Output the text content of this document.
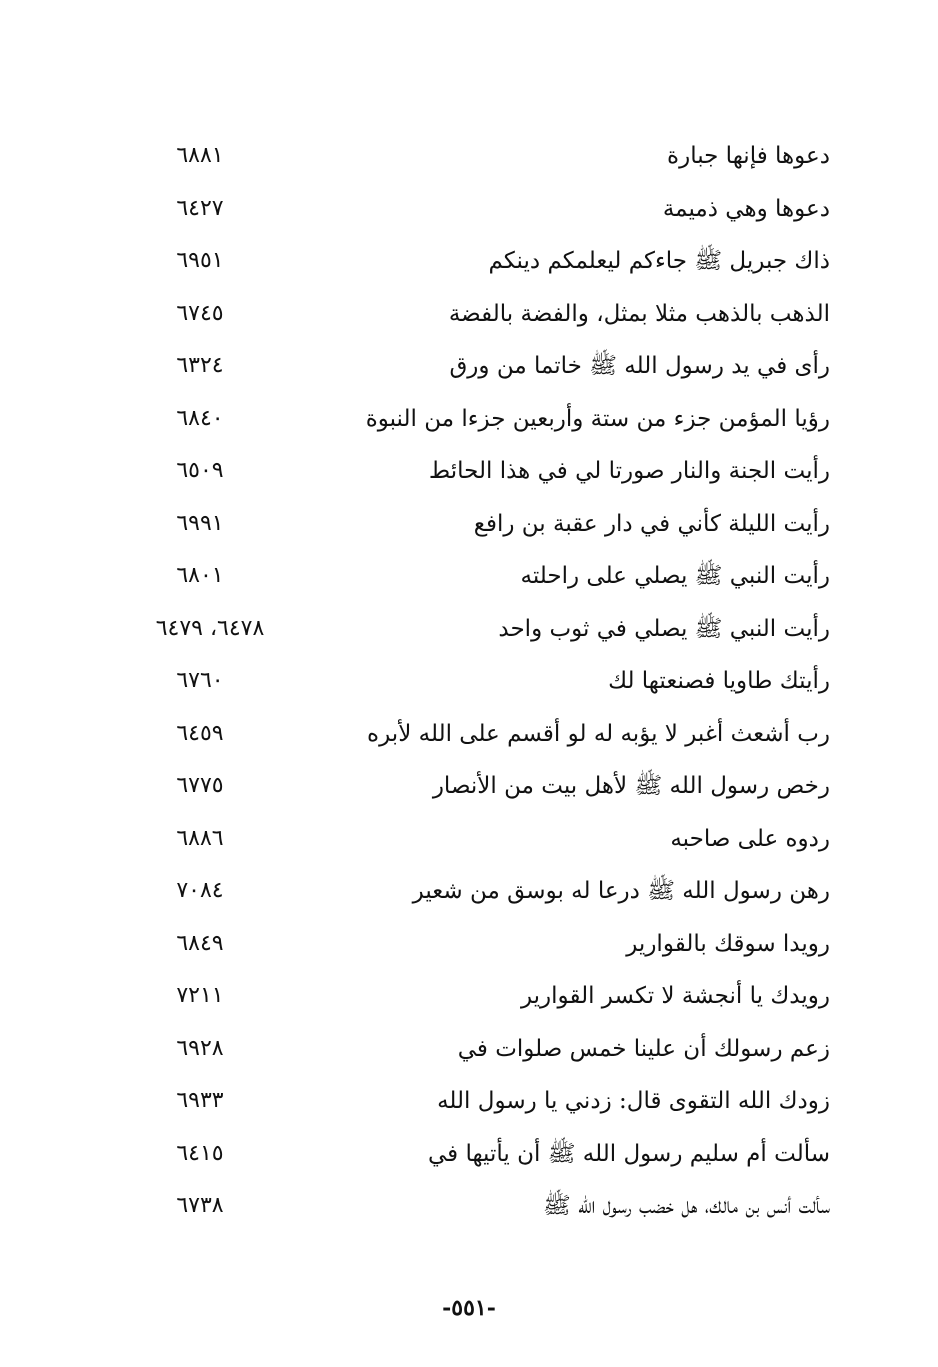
دعوها فإنها جبارة
٦٨٨١
دعوها وهي ذميمة
٦٤٢٧
ذاك جبريل ﷺ جاءكم ليعلمكم دينكم
٦٩٥١
الذهب بالذهب مثلا بمثل، والفضة بالفضة
٦٧٤٥
رأى في يد رسول الله ﷺ خاتما من ورق
٦٣٢٤
رؤيا المؤمن جزء من ستة وأربعين جزءا من النبوة
٦٨٤٠
رأيت الجنة والنار صورتا لي في هذا الحائط
٦٥٠٩
رأيت الليلة كأني في دار عقبة بن رافع
٦٩٩١
رأيت النبي ﷺ يصلي على راحلته
٦٨٠١
رأيت النبي ﷺ يصلي في ثوب واحد
٦٤٧٨، ٦٤٧٩
رأيتك طاويا فصنعتها لك
٦٧٦٠
رب أشعث أغبر لا يؤبه له لو أقسم على الله لأبره
٦٤٥٩
رخص رسول الله ﷺ لأهل بيت من الأنصار
٦٧٧٥
ردوه على صاحبه
٦٨٨٦
رهن رسول الله ﷺ درعا له بوسق من شعير
٧٠٨٤
رويدا سوقك بالقوارير
٦٨٤٩
رويدك يا أنجشة لا تكسر القوارير
٧٢١١
زعم رسولك أن علينا خمس صلوات في
٦٩٢٨
زودك الله التقوى قال: زدني يا رسول الله
٦٩٣٣
سألت أم سليم رسول الله ﷺ أن يأتيها في
٦٤١٥
سألت أنس بن مالك، هل خضب رسول الله ﷺ
٦٧٣٨
-٥٥١-
